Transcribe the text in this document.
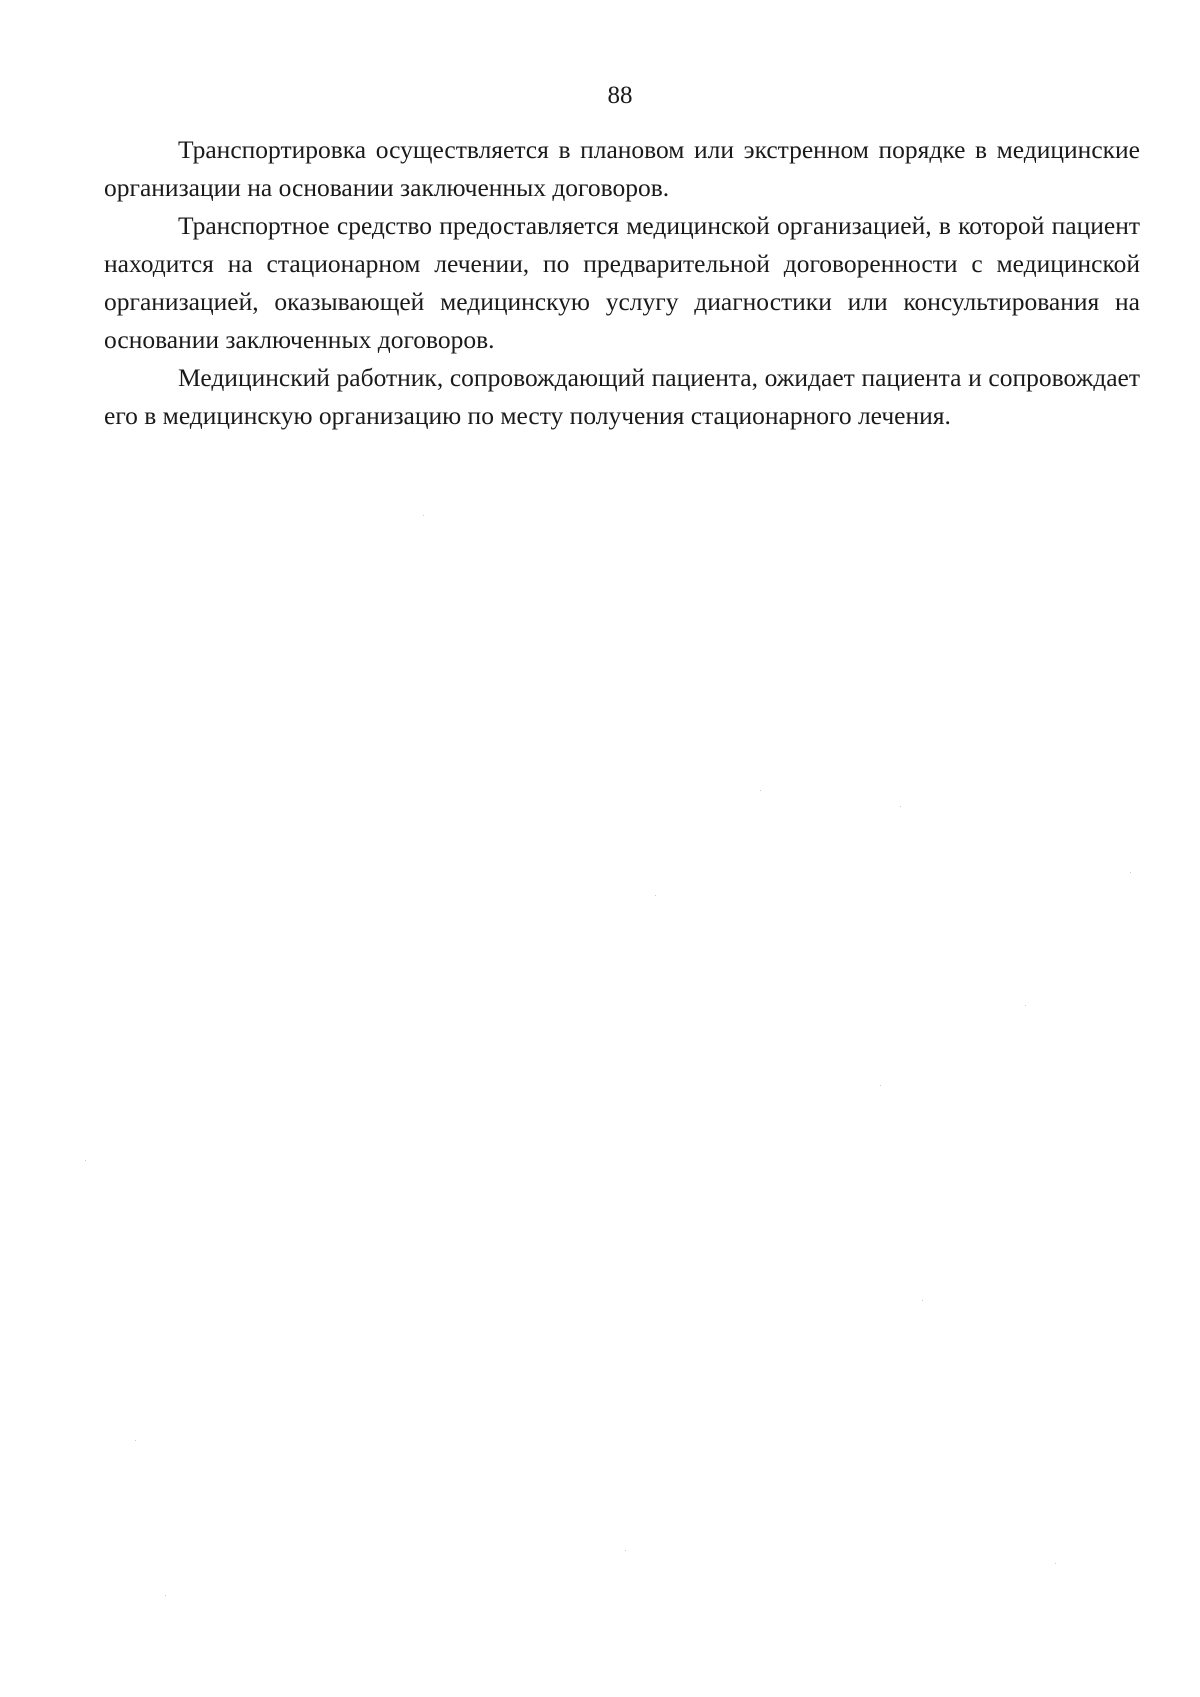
88

Транспортировка осуществляется в плановом или экстренном порядке в медицинские организации на основании заключенных договоров.

Транспортное средство предоставляется медицинской организацией, в которой пациент находится на стационарном лечении, по предварительной договоренности с медицинской организацией, оказывающей медицинскую услугу диагностики или консультирования на основании заключенных договоров.

Медицинский работник, сопровождающий пациента, ожидает пациента и сопровождает его в медицинскую организацию по месту получения стационарного лечения.
